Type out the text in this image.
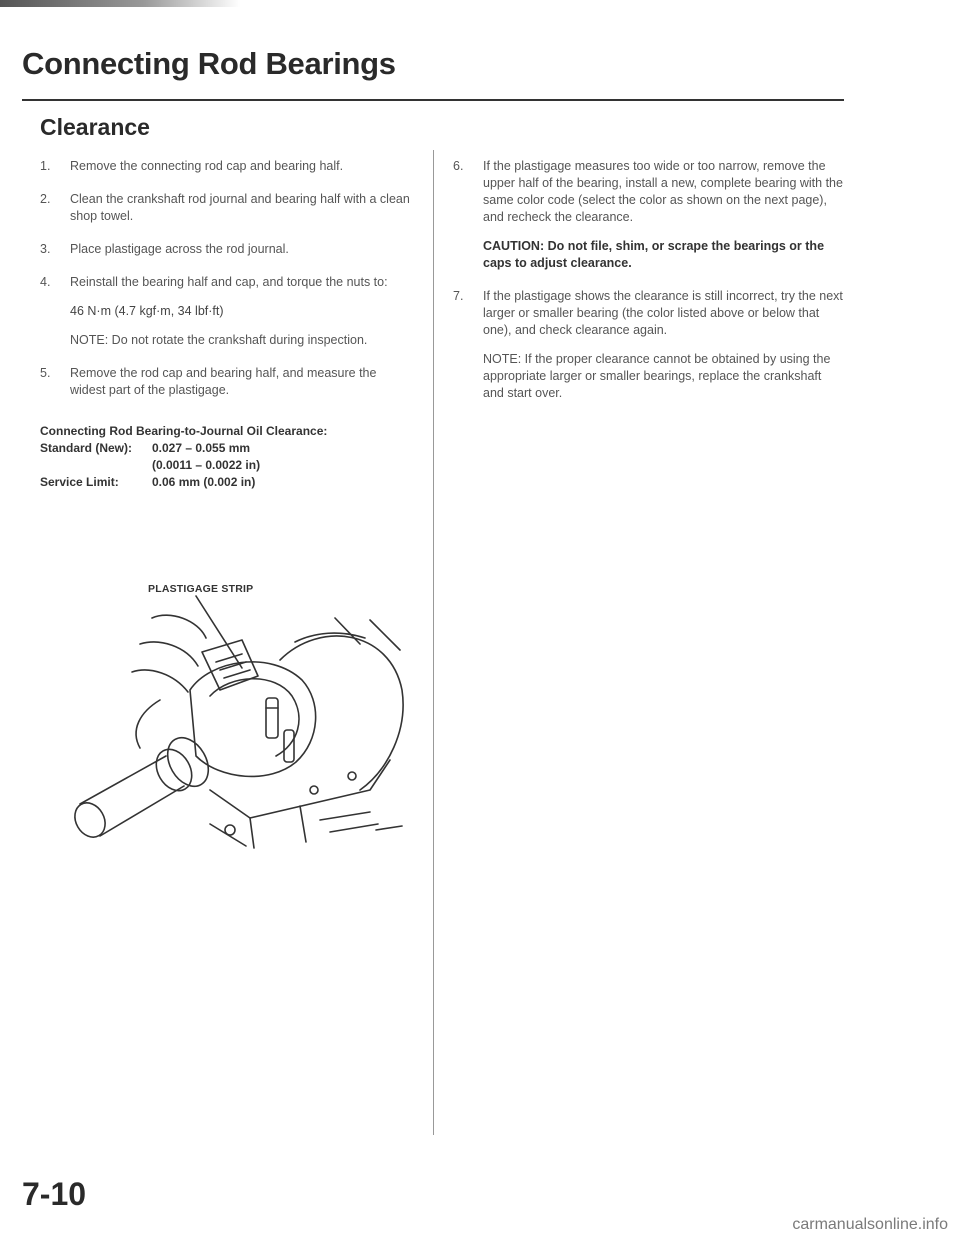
Connecting Rod Bearings
Clearance
1.	Remove the connecting rod cap and bearing half.

2.	Clean the crankshaft rod journal and bearing half with a clean shop towel.

3.	Place plastigage across the rod journal.

4.	Reinstall the bearing half and cap, and torque the nuts to:

46 N·m (4.7 kgf·m, 34 lbf·ft)

NOTE: Do not rotate the crankshaft during inspection.

5.	Remove the rod cap and bearing half, and measure the widest part of the plastigage.

Connecting Rod Bearing-to-Journal Oil Clearance:
Standard (New):	0.027 – 0.055 mm
(0.0011 – 0.0022 in)
Service Limit:	0.06 mm (0.002 in)
PLASTIGAGE STRIP
6.	If the plastigage measures too wide or too narrow, remove the upper half of the bearing, install a new, complete bearing with the same color code (select the color as shown on the next page), and recheck the clearance.

CAUTION: Do not file, shim, or scrape the bearings or the caps to adjust clearance.

7.	If the plastigage shows the clearance is still incorrect, try the next larger or smaller bearing (the color listed above or below that one), and check clearance again.

NOTE: If the proper clearance cannot be obtained by using the appropriate larger or smaller bearings, replace the crankshaft and start over.

7-10
carmanualsonline.info
